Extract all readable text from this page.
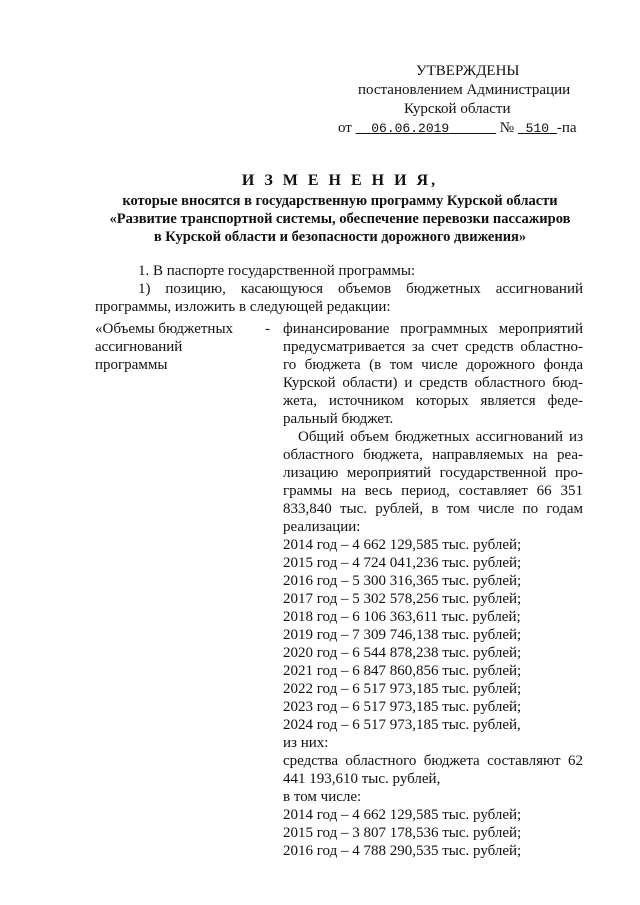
УТВЕРЖДЕНЫ
постановлением Администрации
Курской области
от 06.06.2019	№ 510 -па
И З М Е Н Е Н И Я,
которые вносятся в государственную программу Курской области
«Развитие транспортной системы, обеспечение перевозки пассажиров
в Курской области и безопасности дорожного движения»

1. В паспорте государственной программы:

1) позицию, касающуюся объемов бюджетных ассигнований программы, изложить в следующей редакции:

«Объемы бюджетных -
ассигнований
программы

финансирование программных мероприятий предусматривается за счет средств областно-го бюджета (в том числе дорожного фонда Курской области) и средств областного бюд-жета, источником которых является феде-ральный бюджет.

Общий объем бюджетных ассигнований из областного бюджета, направляемых на реа-лизацию мероприятий государственной про-граммы на весь период, составляет 66 351 833,840 тыс. рублей, в том числе по годам реализации:

2014 год – 4 662 129,585 тыс. рублей;
2015 год – 4 724 041,236 тыс. рублей;
2016 год – 5 300 316,365 тыс. рублей;
2017 год – 5 302 578,256 тыс. рублей;
2018 год – 6 106 363,611 тыс. рублей;
2019 год – 7 309 746,138 тыс. рублей;
2020 год – 6 544 878,238 тыс. рублей;
2021 год – 6 847 860,856 тыс. рублей;
2022 год – 6 517 973,185 тыс. рублей;
2023 год – 6 517 973,185 тыс. рублей;
2024 год – 6 517 973,185 тыс. рублей,

из них:

средства областного бюджета составляют 62 441 193,610 тыс. рублей,

в том числе:

2014 год – 4 662 129,585 тыс. рублей;
2015 год – 3 807 178,536 тыс. рублей;
2016 год – 4 788 290,535 тыс. рублей;
